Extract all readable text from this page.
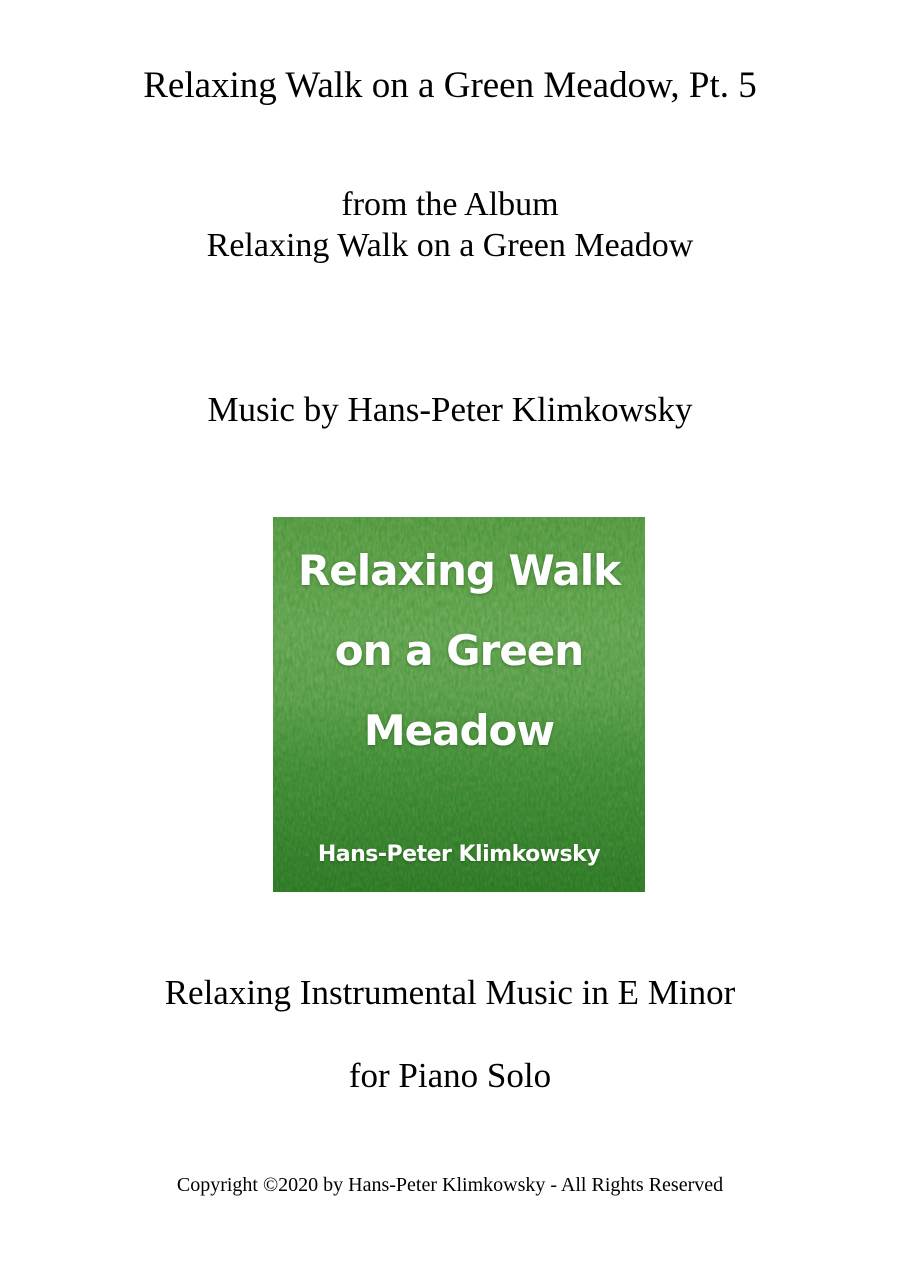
Relaxing Walk on a Green Meadow, Pt. 5
from the Album
Relaxing Walk on a Green Meadow
Music by Hans-Peter Klimkowsky
Relaxing Walk
on a Green
Meadow
Hans-Peter Klimkowsky
Relaxing Instrumental Music in E Minor
for Piano Solo
Copyright ©2020 by Hans-Peter Klimkowsky - All Rights Reserved
